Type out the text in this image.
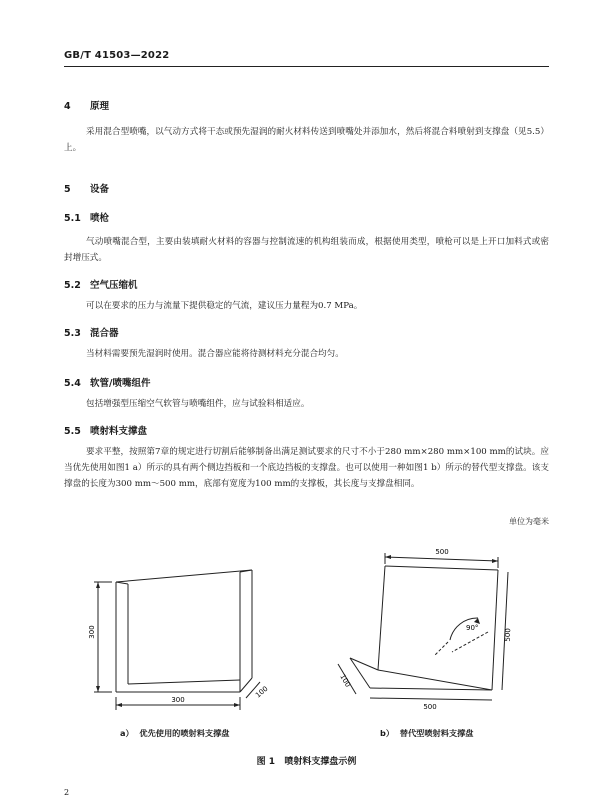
GB/T 41503—2022
4 原理
采用混合型喷嘴，以气动方式将干态或预先湿润的耐火材料传送到喷嘴处并添加水，然后将混合料喷射到支撑盘（见5.5）上。
5 设备
5.1 喷枪
气动喷嘴混合型，主要由装填耐火材料的容器与控制流速的机构组装而成，根据使用类型，喷枪可以是上开口加料式或密封增压式。
5.2 空气压缩机
可以在要求的压力与流量下提供稳定的气流，建议压力量程为0.7 MPa。
5.3 混合器
当材料需要预先湿润时使用。混合器应能将待测材料充分混合均匀。
5.4 软管/喷嘴组件
包括增强型压缩空气软管与喷嘴组件，应与试验料相适应。
5.5 喷射料支撑盘
要求平整，按照第7章的规定进行切割后能够制备出满足测试要求的尺寸不小于280 mm×280 mm×100 mm的试块。应当优先使用如图1 a）所示的具有两个侧边挡板和一个底边挡板的支撑盘。也可以使用一种如图1 b）所示的替代型支撑盘。该支撑盘的长度为300 mm～500 mm，底部有宽度为100 mm的支撑板，其长度与支撑盘相同。
单位为毫米
300
300
100
500
500
100
500
90°
a） 优先使用的喷射料支撑盘	b） 替代型喷射料支撑盘
图 1 喷射料支撑盘示例
2
